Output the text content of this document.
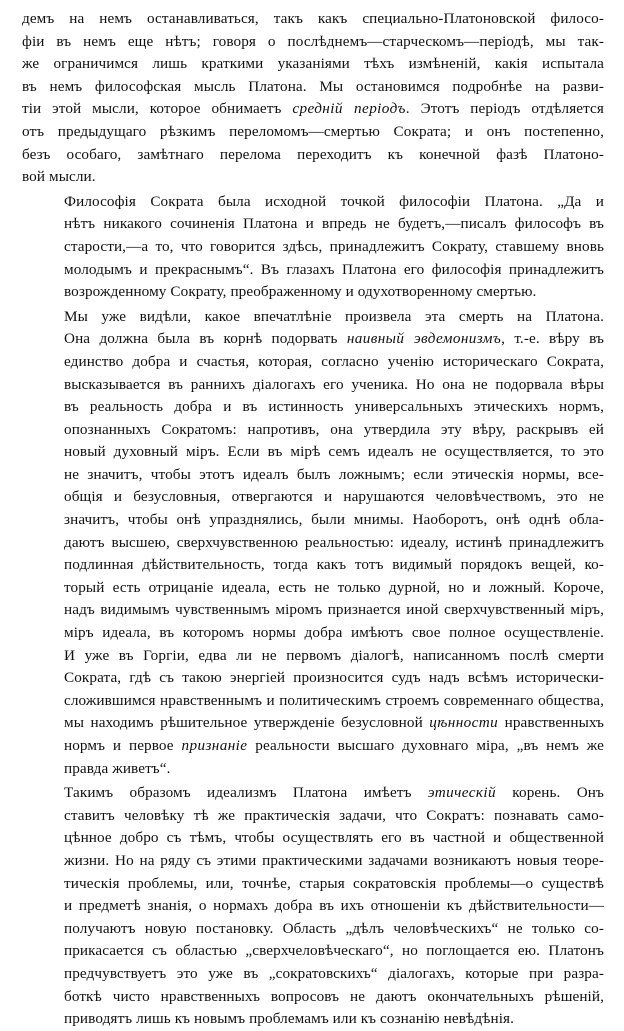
демъ на немъ останавливаться, такъ какъ специально-Платоновской филосо-
фіи въ немъ еще нѣтъ; говоря о послѣднемъ—старческомъ—періодѣ, мы так-
же ограничимся лишь краткими указаніями тѣхъ измѣненій, какія испытала
въ немъ философская мысль Платона. Мы остановимся подробнѣе на разви-
тіи этой мысли, которое обнимаетъ средній періодъ. Этотъ періодъ отдѣляется
отъ предыдущаго рѣзкимъ переломомъ—смертью Сократа; и онъ постепенно,
безъ особаго, замѣтнаго перелома переходитъ къ конечной фазѣ Платоно-
вой мысли.

Философія Сократа была исходной точкой философіи Платона. „Да и
нѣтъ никакого сочиненія Платона и впредь не будетъ,—писалъ философъ въ
старости,—а то, что говорится здѣсь, принадлежитъ Сократу, ставшему вновь
молодымъ и прекраснымъ“. Въ глазахъ Платона его философія принадлежитъ
возрожденному Сократу, преображенному и одухотворенному смертью.

Мы уже видѣли, какое впечатлѣніе произвела эта смерть на Платона.
Она должна была въ корнѣ подорвать наивный эвдемонизмъ, т.-е. вѣру въ
единство добра и счастья, которая, согласно ученію историческаго Сократа,
высказывается въ раннихъ діалогахъ его ученика. Но она не подорвала вѣры
въ реальность добра и въ истинность универсальныхъ этическихъ нормъ,
опознанныхъ Сократомъ: напротивъ, она утвердила эту вѣру, раскрывъ ей
новый духовный міръ. Если въ мірѣ семъ идеалъ не осуществляется, то это
не значитъ, чтобы этотъ идеалъ былъ ложнымъ; если этическія нормы, все-
общія и безусловныя, отвергаются и нарушаются человѣчествомъ, это не
значитъ, чтобы онѣ упразднялись, были мнимы. Наоборотъ, онѣ однѣ обла-
даютъ высшею, сверхчувственною реальностью: идеалу, истинѣ принадлежитъ
подлинная дѣйствительность, тогда какъ тотъ видимый порядокъ вещей, ко-
торый есть отрицаніе идеала, есть не только дурной, но и ложный. Короче,
надъ видимымъ чувственнымъ міромъ признается иной сверхчувственный міръ,
міръ идеала, въ которомъ нормы добра имѣютъ свое полное осуществленіе.
И уже въ Горгіи, едва ли не первомъ діалогѣ, написанномъ послѣ смерти
Сократа, гдѣ съ такою энергіей произносится судъ надъ всѣмъ исторически-
сложившимся нравственнымъ и политическимъ строемъ современнаго общества,
мы находимъ рѣшительное утвержденіе безусловной цѣнности нравственныхъ
нормъ и первое признаніе реальности высшаго духовнаго міра, „въ немъ же
правда живетъ“.

Такимъ образомъ идеализмъ Платона имѣетъ этическій корень. Онъ
ставитъ человѣку тѣ же практическія задачи, что Сократъ: познавать само-
цѣнное добро съ тѣмъ, чтобы осуществлять его въ частной и общественной
жизни. Но на ряду съ этими практическими задачами возникаютъ новыя теоре-
тическія проблемы, или, точнѣе, старыя сократовскія проблемы—о существѣ
и предметѣ знанія, о нормахъ добра въ ихъ отношеніи къ дѣйствительности—
получаютъ новую постановку. Область „дѣлъ человѣческихъ“ не только со-
прикасается съ областью „сверхчеловѣческаго“, но поглощается ею. Платонъ
предчувствуетъ это уже въ „сократовскихъ“ діалогахъ, которые при разра-
боткѣ чисто нравственныхъ вопросовъ не даютъ окончательныхъ рѣшеній,
приводятъ лишь къ новымъ проблемамъ или къ сознанію невѣдѣнія.
